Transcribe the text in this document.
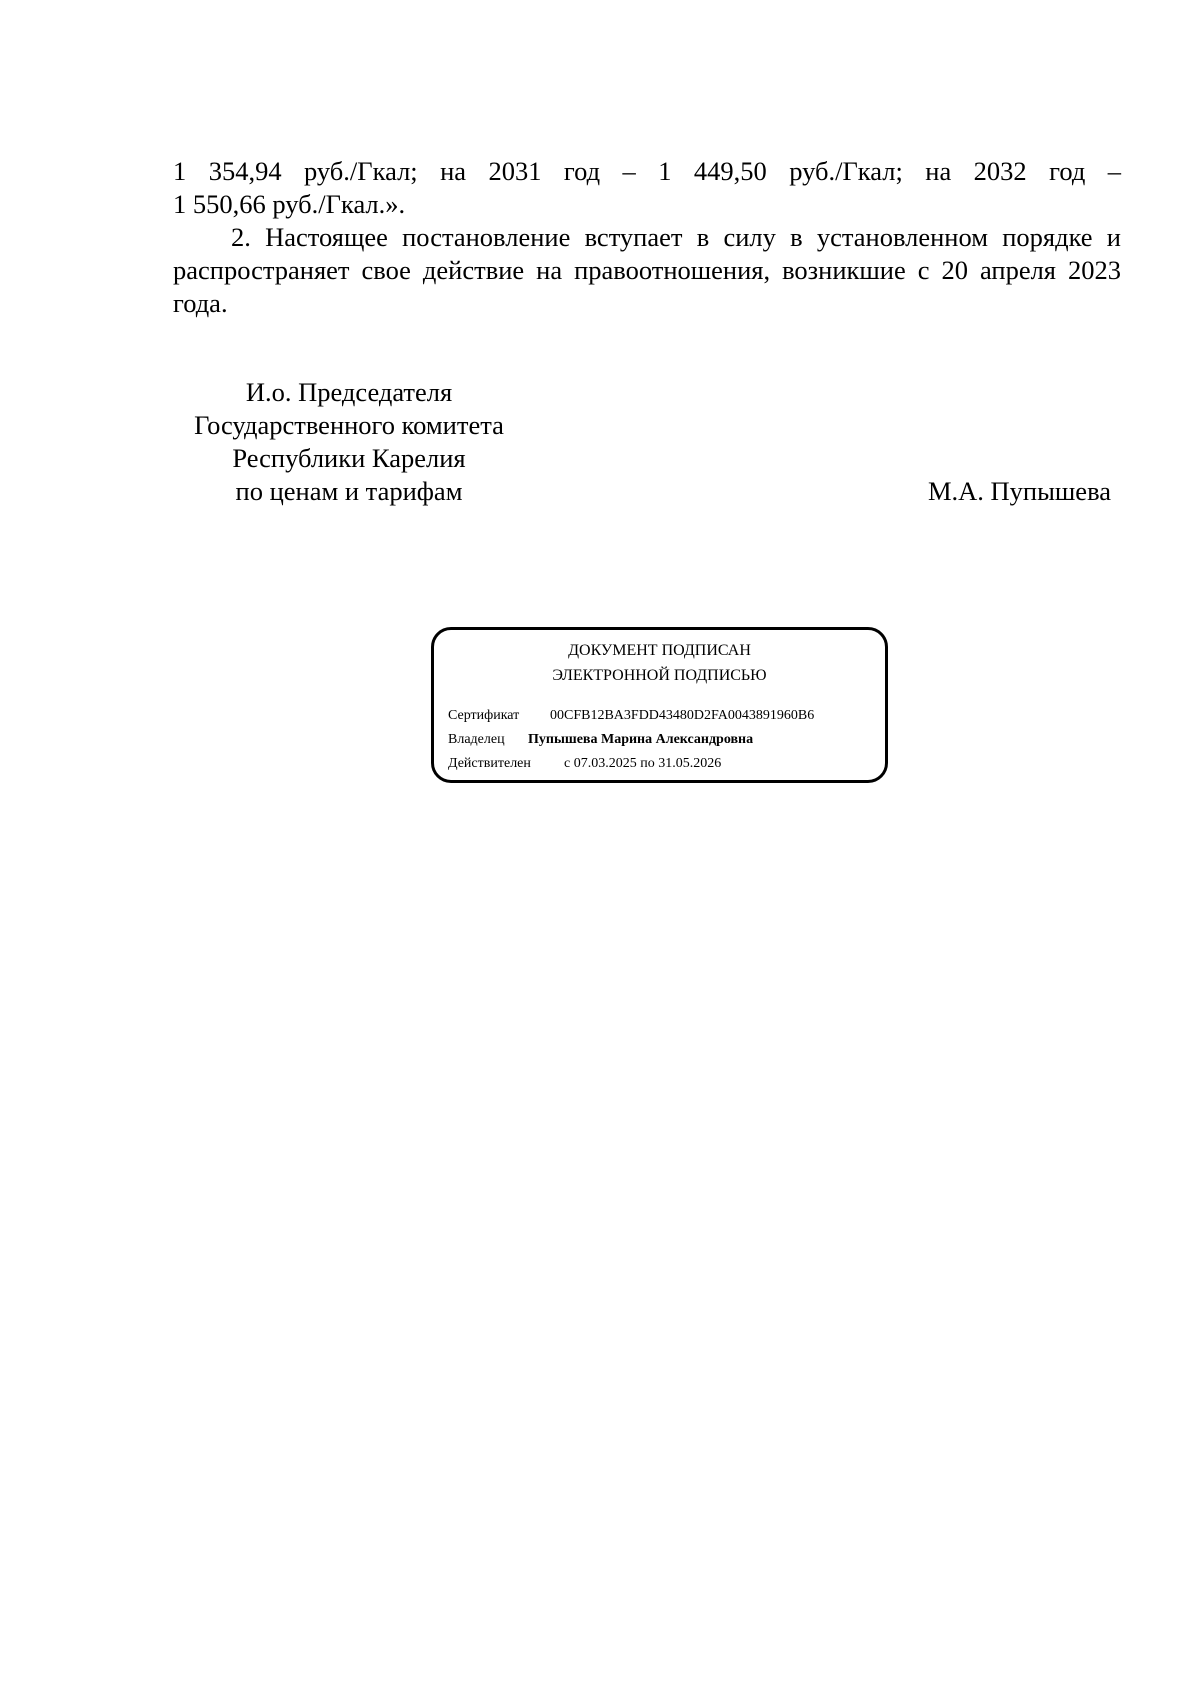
1 354,94 руб./Гкал; на 2031 год – 1 449,50 руб./Гкал; на 2032 год –
1 550,66 руб./Гкал.».

2. Настоящее постановление вступает в силу в установленном порядке и распространяет свое действие на правоотношения, возникшие с 20 апреля 2023 года.

И.о. Председателя
Государственного комитета
Республики Карелия
по ценам и тарифам	М.А. Пупышева
ДОКУМЕНТ ПОДПИСАН
ЭЛЕКТРОННОЙ ПОДПИСЬЮ
Сертификат 00CFB12BA3FDD43480D2FA0043891960B6
Владелец Пупышева Марина Александровна
Действителен с 07.03.2025 по 31.05.2026
